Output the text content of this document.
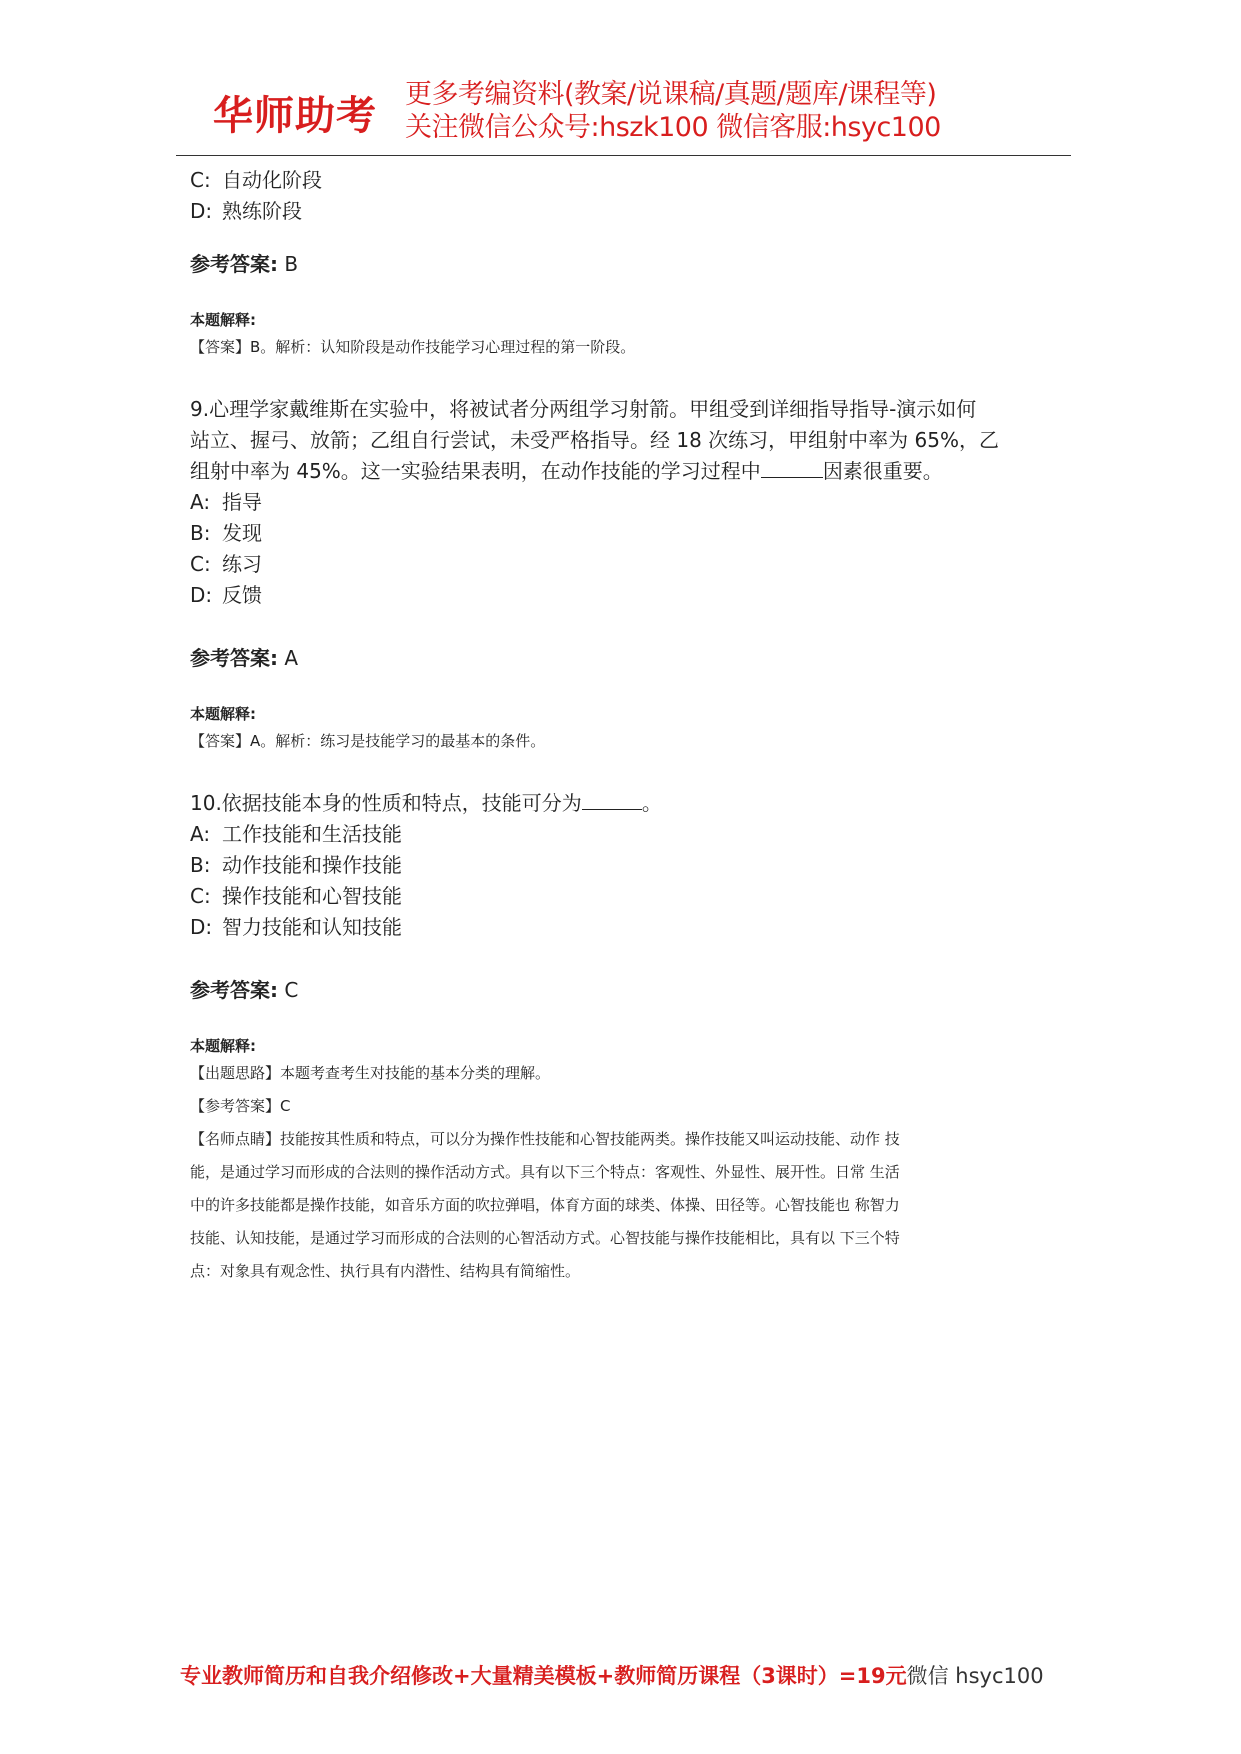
华师助考 更多考编资料(教案/说课稿/真题/题库/课程等)
关注微信公众号:hszk100 微信客服:hsyc100
C: 自动化阶段
D: 熟练阶段
参考答案: B
本题解释:
【答案】B。解析：认知阶段是动作技能学习心理过程的第一阶段。
9.心理学家戴维斯在实验中，将被试者分两组学习射箭。甲组受到详细指导指导-演示如何
站立、握弓、放箭；乙组自行尝试，未受严格指导。经 18 次练习，甲组射中率为 65%，乙
组射中率为 45%。这一实验结果表明，在动作技能的学习过程中	因素很重要。
A: 指导
B: 发现
C: 练习
D: 反馈
参考答案: A
本题解释:
【答案】A。解析：练习是技能学习的最基本的条件。
10.依据技能本身的性质和特点，技能可分为	。
A: 工作技能和生活技能
B: 动作技能和操作技能
C: 操作技能和心智技能
D: 智力技能和认知技能
参考答案: C
本题解释:
【出题思路】本题考查考生对技能的基本分类的理解。
【参考答案】C
【名师点睛】技能按其性质和特点，可以分为操作性技能和心智技能两类。操作技能又叫运动技能、动作 技
能，是通过学习而形成的合法则的操作活动方式。具有以下三个特点：客观性、外显性、展开性。日常 生活
中的许多技能都是操作技能，如音乐方面的吹拉弹唱，体育方面的球类、体操、田径等。心智技能也 称智力
技能、认知技能，是通过学习而形成的合法则的心智活动方式。心智技能与操作技能相比，具有以 下三个特
点：对象具有观念性、执行具有内潜性、结构具有简缩性。
专业教师简历和自我介绍修改+大量精美模板+教师简历课程（3课时）=19元微信 hsyc100
